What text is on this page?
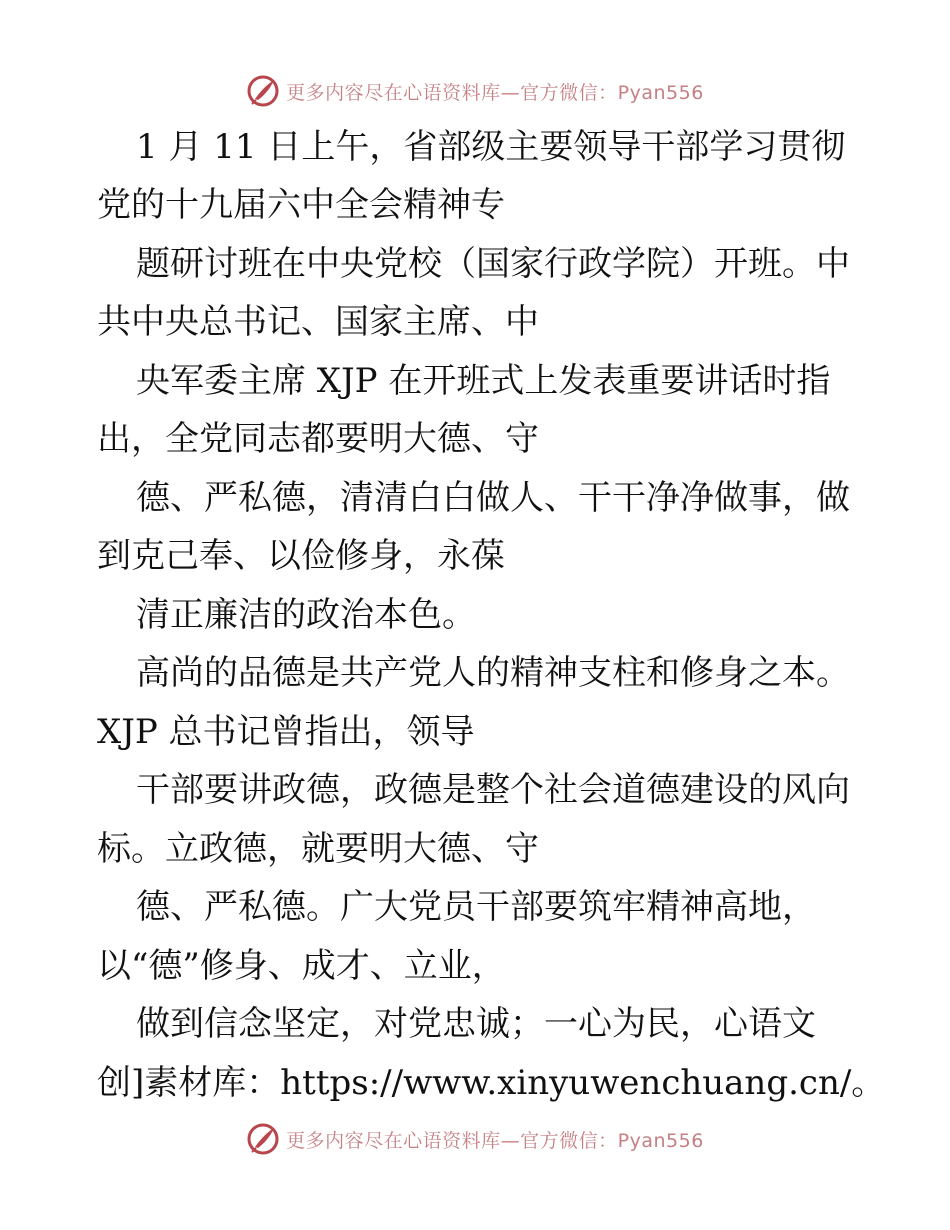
更多内容尽在心语资料库—官方微信：Pyan556
1 月 11 日上午，省部级主要领导干部学习贯彻
党的十九届六中全会精神专
题研讨班在中央党校（国家行政学院）开班。中
共中央总书记、国家主席、中
央军委主席 XJP 在开班式上发表重要讲话时指
出，全党同志都要明大德、守
德、严私德，清清白白做人、干干净净做事，做
到克己奉、以俭修身，永葆
清正廉洁的政治本色。
高尚的品德是共产党人的精神支柱和修身之本。
XJP 总书记曾指出，领导
干部要讲政德，政德是整个社会道德建设的风向
标。立政德，就要明大德、守
德、严私德。广大党员干部要筑牢精神高地，
以“德”修身、成才、立业，
做到信念坚定，对党忠诚；一心为民，心语文
创]素材库：https://www.xinyuwenchuang.cn/。
更多内容尽在心语资料库—官方微信：Pyan556
